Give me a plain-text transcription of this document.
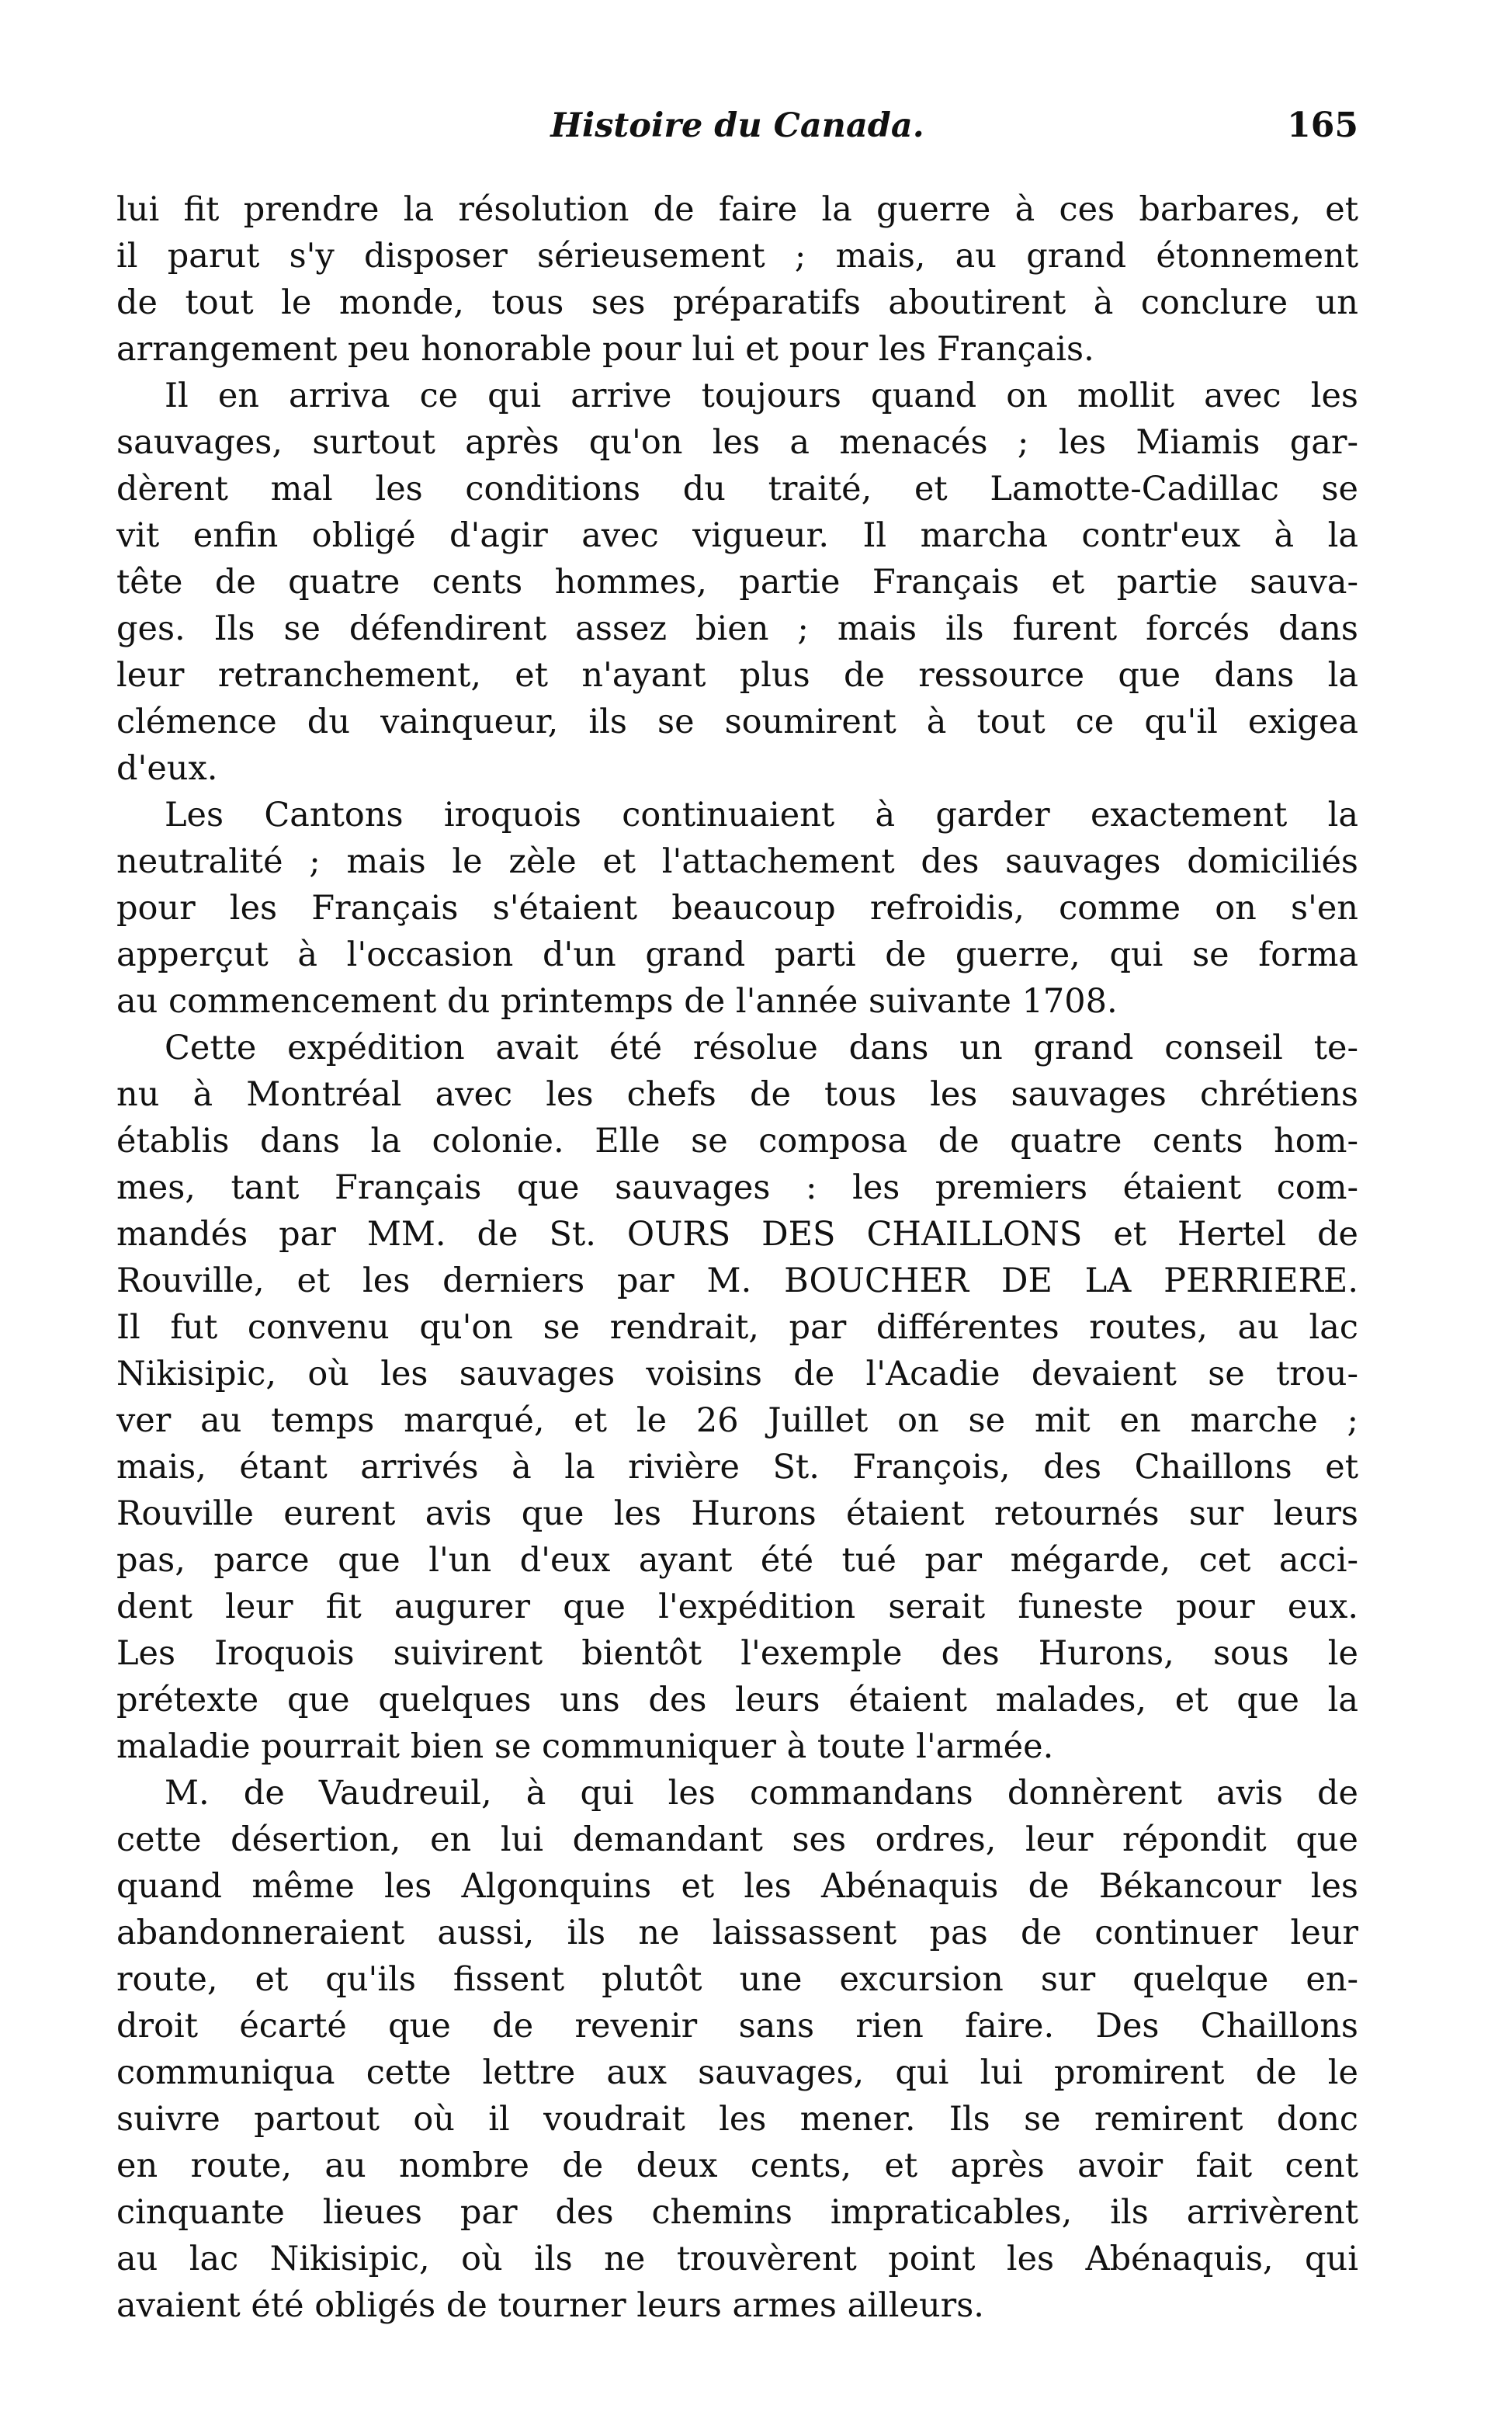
Histoire du Canada.	165
lui fit prendre la résolution de faire la guerre à ces barbares, et
il parut s'y disposer sérieusement ; mais, au grand étonnement
de tout le monde, tous ses préparatifs aboutirent à conclure un
arrangement peu honorable pour lui et pour les Français.
Il en arriva ce qui arrive toujours quand on mollit avec les
sauvages, surtout après qu'on les a menacés ; les Miamis gar-
dèrent mal les conditions du traité, et Lamotte-Cadillac se
vit enfin obligé d'agir avec vigueur. Il marcha contr'eux à la
tête de quatre cents hommes, partie Français et partie sauva-
ges. Ils se défendirent assez bien ; mais ils furent forcés dans
leur retranchement, et n'ayant plus de ressource que dans la
clémence du vainqueur, ils se soumirent à tout ce qu'il exigea
d'eux.
Les Cantons iroquois continuaient à garder exactement la
neutralité ; mais le zèle et l'attachement des sauvages domiciliés
pour les Français s'étaient beaucoup refroidis, comme on s'en
apperçut à l'occasion d'un grand parti de guerre, qui se forma
au commencement du printemps de l'année suivante 1708.
Cette expédition avait été résolue dans un grand conseil te-
nu à Montréal avec les chefs de tous les sauvages chrétiens
établis dans la colonie. Elle se composa de quatre cents hom-
mes, tant Français que sauvages : les premiers étaient com-
mandés par MM. de St. OURS DES CHAILLONS et Hertel de
Rouville, et les derniers par M. BOUCHER DE LA PERRIERE.
Il fut convenu qu'on se rendrait, par différentes routes, au lac
Nikisipic, où les sauvages voisins de l'Acadie devaient se trou-
ver au temps marqué, et le 26 Juillet on se mit en marche ;
mais, étant arrivés à la rivière St. François, des Chaillons et
Rouville eurent avis que les Hurons étaient retournés sur leurs
pas, parce que l'un d'eux ayant été tué par mégarde, cet acci-
dent leur fit augurer que l'expédition serait funeste pour eux.
Les Iroquois suivirent bientôt l'exemple des Hurons, sous le
prétexte que quelques uns des leurs étaient malades, et que la
maladie pourrait bien se communiquer à toute l'armée.
M. de Vaudreuil, à qui les commandans donnèrent avis de
cette désertion, en lui demandant ses ordres, leur répondit que
quand même les Algonquins et les Abénaquis de Békancour les
abandonneraient aussi, ils ne laissassent pas de continuer leur
route, et qu'ils fissent plutôt une excursion sur quelque en-
droit écarté que de revenir sans rien faire. Des Chaillons
communiqua cette lettre aux sauvages, qui lui promirent de le
suivre partout où il voudrait les mener. Ils se remirent donc
en route, au nombre de deux cents, et après avoir fait cent
cinquante lieues par des chemins impraticables, ils arrivèrent
au lac Nikisipic, où ils ne trouvèrent point les Abénaquis, qui
avaient été obligés de tourner leurs armes ailleurs.
